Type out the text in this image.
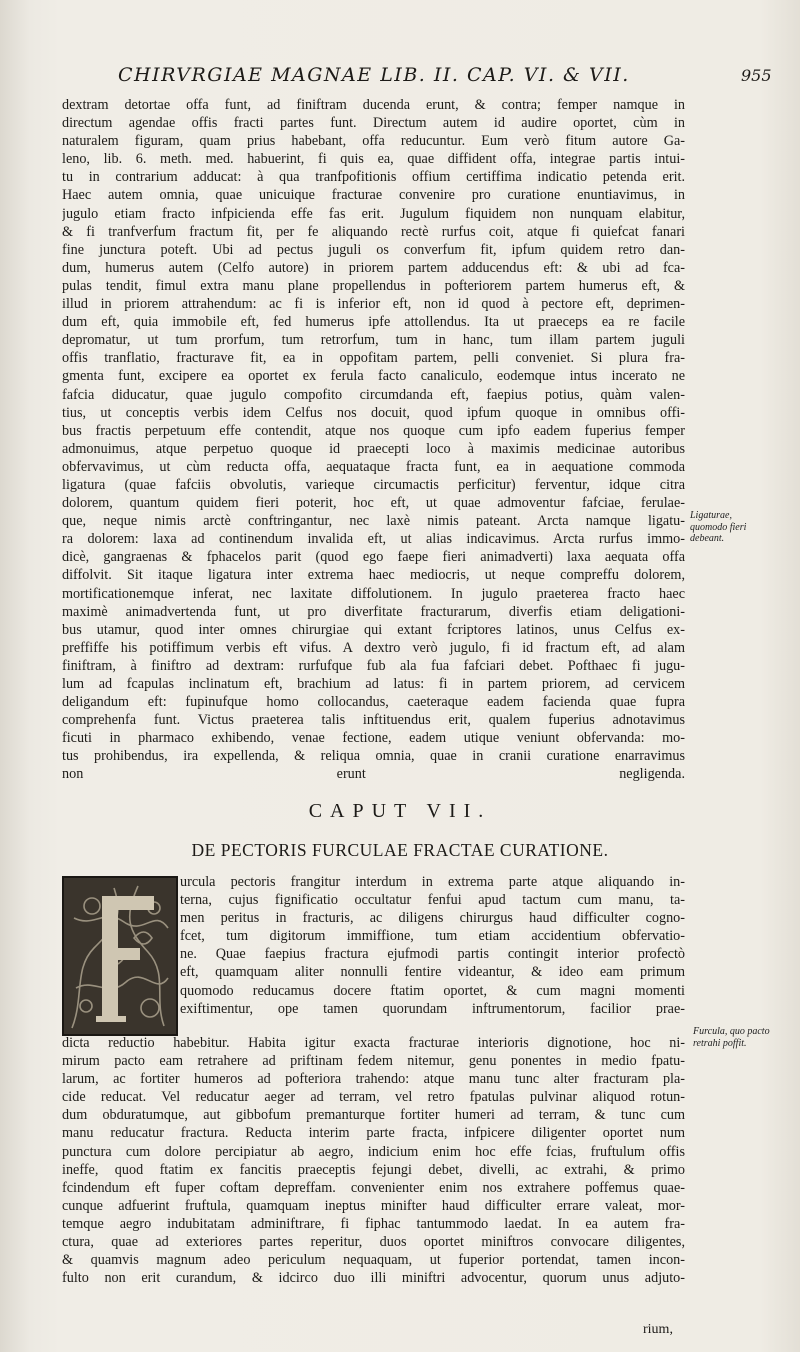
CHIRVRGIAE MAGNAE LIB. II. CAP. VI. & VII.	955
dextram detortae offa funt, ad finiftram ducenda erunt, & contra; femper namque in
directum agendae offis fracti partes funt. Directum autem id audire oportet, cùm in
naturalem figuram, quam prius habebant, offa reducuntur. Eum verò fitum autore Ga-
leno, lib. 6. meth. med. habuerint, fi quis ea, quae diffident offa, integrae partis intui-
tu in contrarium adducat: à qua tranfpofitionis offium certiffima indicatio petenda erit.
Haec autem omnia, quae unicuique fracturae convenire pro curatione enuntiavimus, in
jugulo etiam fracto infpicienda effe fas erit. Jugulum fiquidem non nunquam elabitur,
& fi tranfverfum fractum fit, per fe aliquando rectè rurfus coit, atque fi quiefcat fanari
fine junctura poteft. Ubi ad pectus juguli os converfum fit, ipfum quidem retro dan-
dum, humerus autem (Celfo autore) in priorem partem adducendus eft: & ubi ad fca-
pulas tendit, fimul extra manu plane propellendus in pofteriorem partem humerus eft, &
illud in priorem attrahendum: ac fi is inferior eft, non id quod à pectore eft, deprimen-
dum eft, quia immobile eft, fed humerus ipfe attollendus. Ita ut praeceps ea re facile
depromatur, ut tum prorfum, tum retrorfum, tum in hanc, tum illam partem juguli
offis tranflatio, fracturave fit, ea in oppofitam partem, pelli conveniet. Si plura fra-
gmenta funt, excipere ea oportet ex ferula facto canaliculo, eodemque intus incerato ne
fafcia diducatur, quae jugulo compofito circumdanda eft, faepius potius, quàm valen-
tius, ut conceptis verbis idem Celfus nos docuit, quod ipfum quoque in omnibus offi-
bus fractis perpetuum effe contendit, atque nos quoque cum ipfo eadem fuperius femper
admonuimus, atque perpetuo quoque id praecepti loco à maximis medicinae autoribus
obfervavimus, ut cùm reducta offa, aequataque fracta funt, ea in aequatione commoda
ligatura (quae fafciis obvolutis, varieque circumactis perficitur) ferventur, idque citra
dolorem, quantum quidem fieri poterit, hoc eft, ut quae admoventur fafciae, ferulae-
que, neque nimis arctè conftringantur, nec laxè nimis pateant. Arcta namque ligatu-
ra dolorem: laxa ad continendum invalida eft, ut alias indicavimus. Arcta rurfus immo-
dicè, gangraenas & fphacelos parit (quod ego faepe fieri animadverti) laxa aequata offa
diffolvit. Sit itaque ligatura inter extrema haec mediocris, ut neque compreffu dolorem,
mortificationemque inferat, nec laxitate diffolutionem. In jugulo praeterea fracto haec
maximè animadvertenda funt, ut pro diverfitate fracturarum, diverfis etiam deligationi-
bus utamur, quod inter omnes chirurgiae qui extant fcriptores latinos, unus Celfus ex-
preffiffe his potiffimum verbis eft vifus. A dextro verò jugulo, fi id fractum eft, ad alam
finiftram, à finiftro ad dextram: rurfufque fub ala fua fafciari debet. Pofthaec fi jugu-
lum ad fcapulas inclinatum eft, brachium ad latus: fi in partem priorem, ad cervicem
deligandum eft: fupinufque homo collocandus, caeteraque eadem facienda quae fupra
comprehenfa funt. Victus praeterea talis inftituendus erit, qualem fuperius adnotavimus
ficuti in pharmaco exhibendo, venae fectione, eadem utique veniunt obfervanda: mo-
tus prohibendus, ira expellenda, & reliqua omnia, quae in cranii curatione enarravimus
non erunt negligenda.
Ligaturae, quomodo fieri debeant.
CAPUT VII.
DE PECTORIS FURCULAE FRACTAE CURATIONE.
urcula pectoris frangitur interdum in extrema parte atque aliquando in-
terna, cujus fignificatio occultatur fenfui apud tactum cum manu, ta-
men peritus in fracturis, ac diligens chirurgus haud difficulter cogno-
fcet, tum digitorum immiffione, tum etiam accidentium obfervatio-
ne. Quae faepius fractura ejufmodi partis contingit interior profectò
eft, quamquam aliter nonnulli fentire videantur, & ideo eam primum
quomodo reducamus docere ftatim oportet, & cum magni momenti
exiftimentur, ope tamen quorundam inftrumentorum, facilior prae-
dicta reductio habebitur. Habita igitur exacta fracturae interioris dignotione, hoc ni-
mirum pacto eam retrahere ad priftinam fedem nitemur, genu ponentes in medio fpatu-
larum, ac fortiter humeros ad pofteriora trahendo: atque manu tunc alter fracturam pla-
cide reducat. Vel reducatur aeger ad terram, vel retro fpatulas pulvinar aliquod rotun-
dum obduratumque, aut gibbofum premanturque fortiter humeri ad terram, & tunc cum
manu reducatur fractura. Reducta interim parte fracta, infpicere diligenter oportet num
punctura cum dolore percipiatur ab aegro, indicium enim hoc effe fcias, fruftulum offis
ineffe, quod ftatim ex fancitis praeceptis fejungi debet, divelli, ac extrahi, & primo
fcindendum eft fuper coftam depreffam. convenienter enim nos extrahere poffemus quae-
cunque adfuerint fruftula, quamquam ineptus minifter haud difficulter errare valeat, mor-
temque aegro indubitatam adminiftrare, fi fiphac tantummodo laedat. In ea autem fra-
ctura, quae ad exteriores partes reperitur, duos oportet miniftros convocare diligentes,
& quamvis magnum adeo periculum nequaquam, ut fuperior portendat, tamen incon-
fulto non erit curandum, & idcirco duo illi miniftri advocentur, quorum unus adjuto-
Furcula, quo pacto retrahi poffit.
rium,
